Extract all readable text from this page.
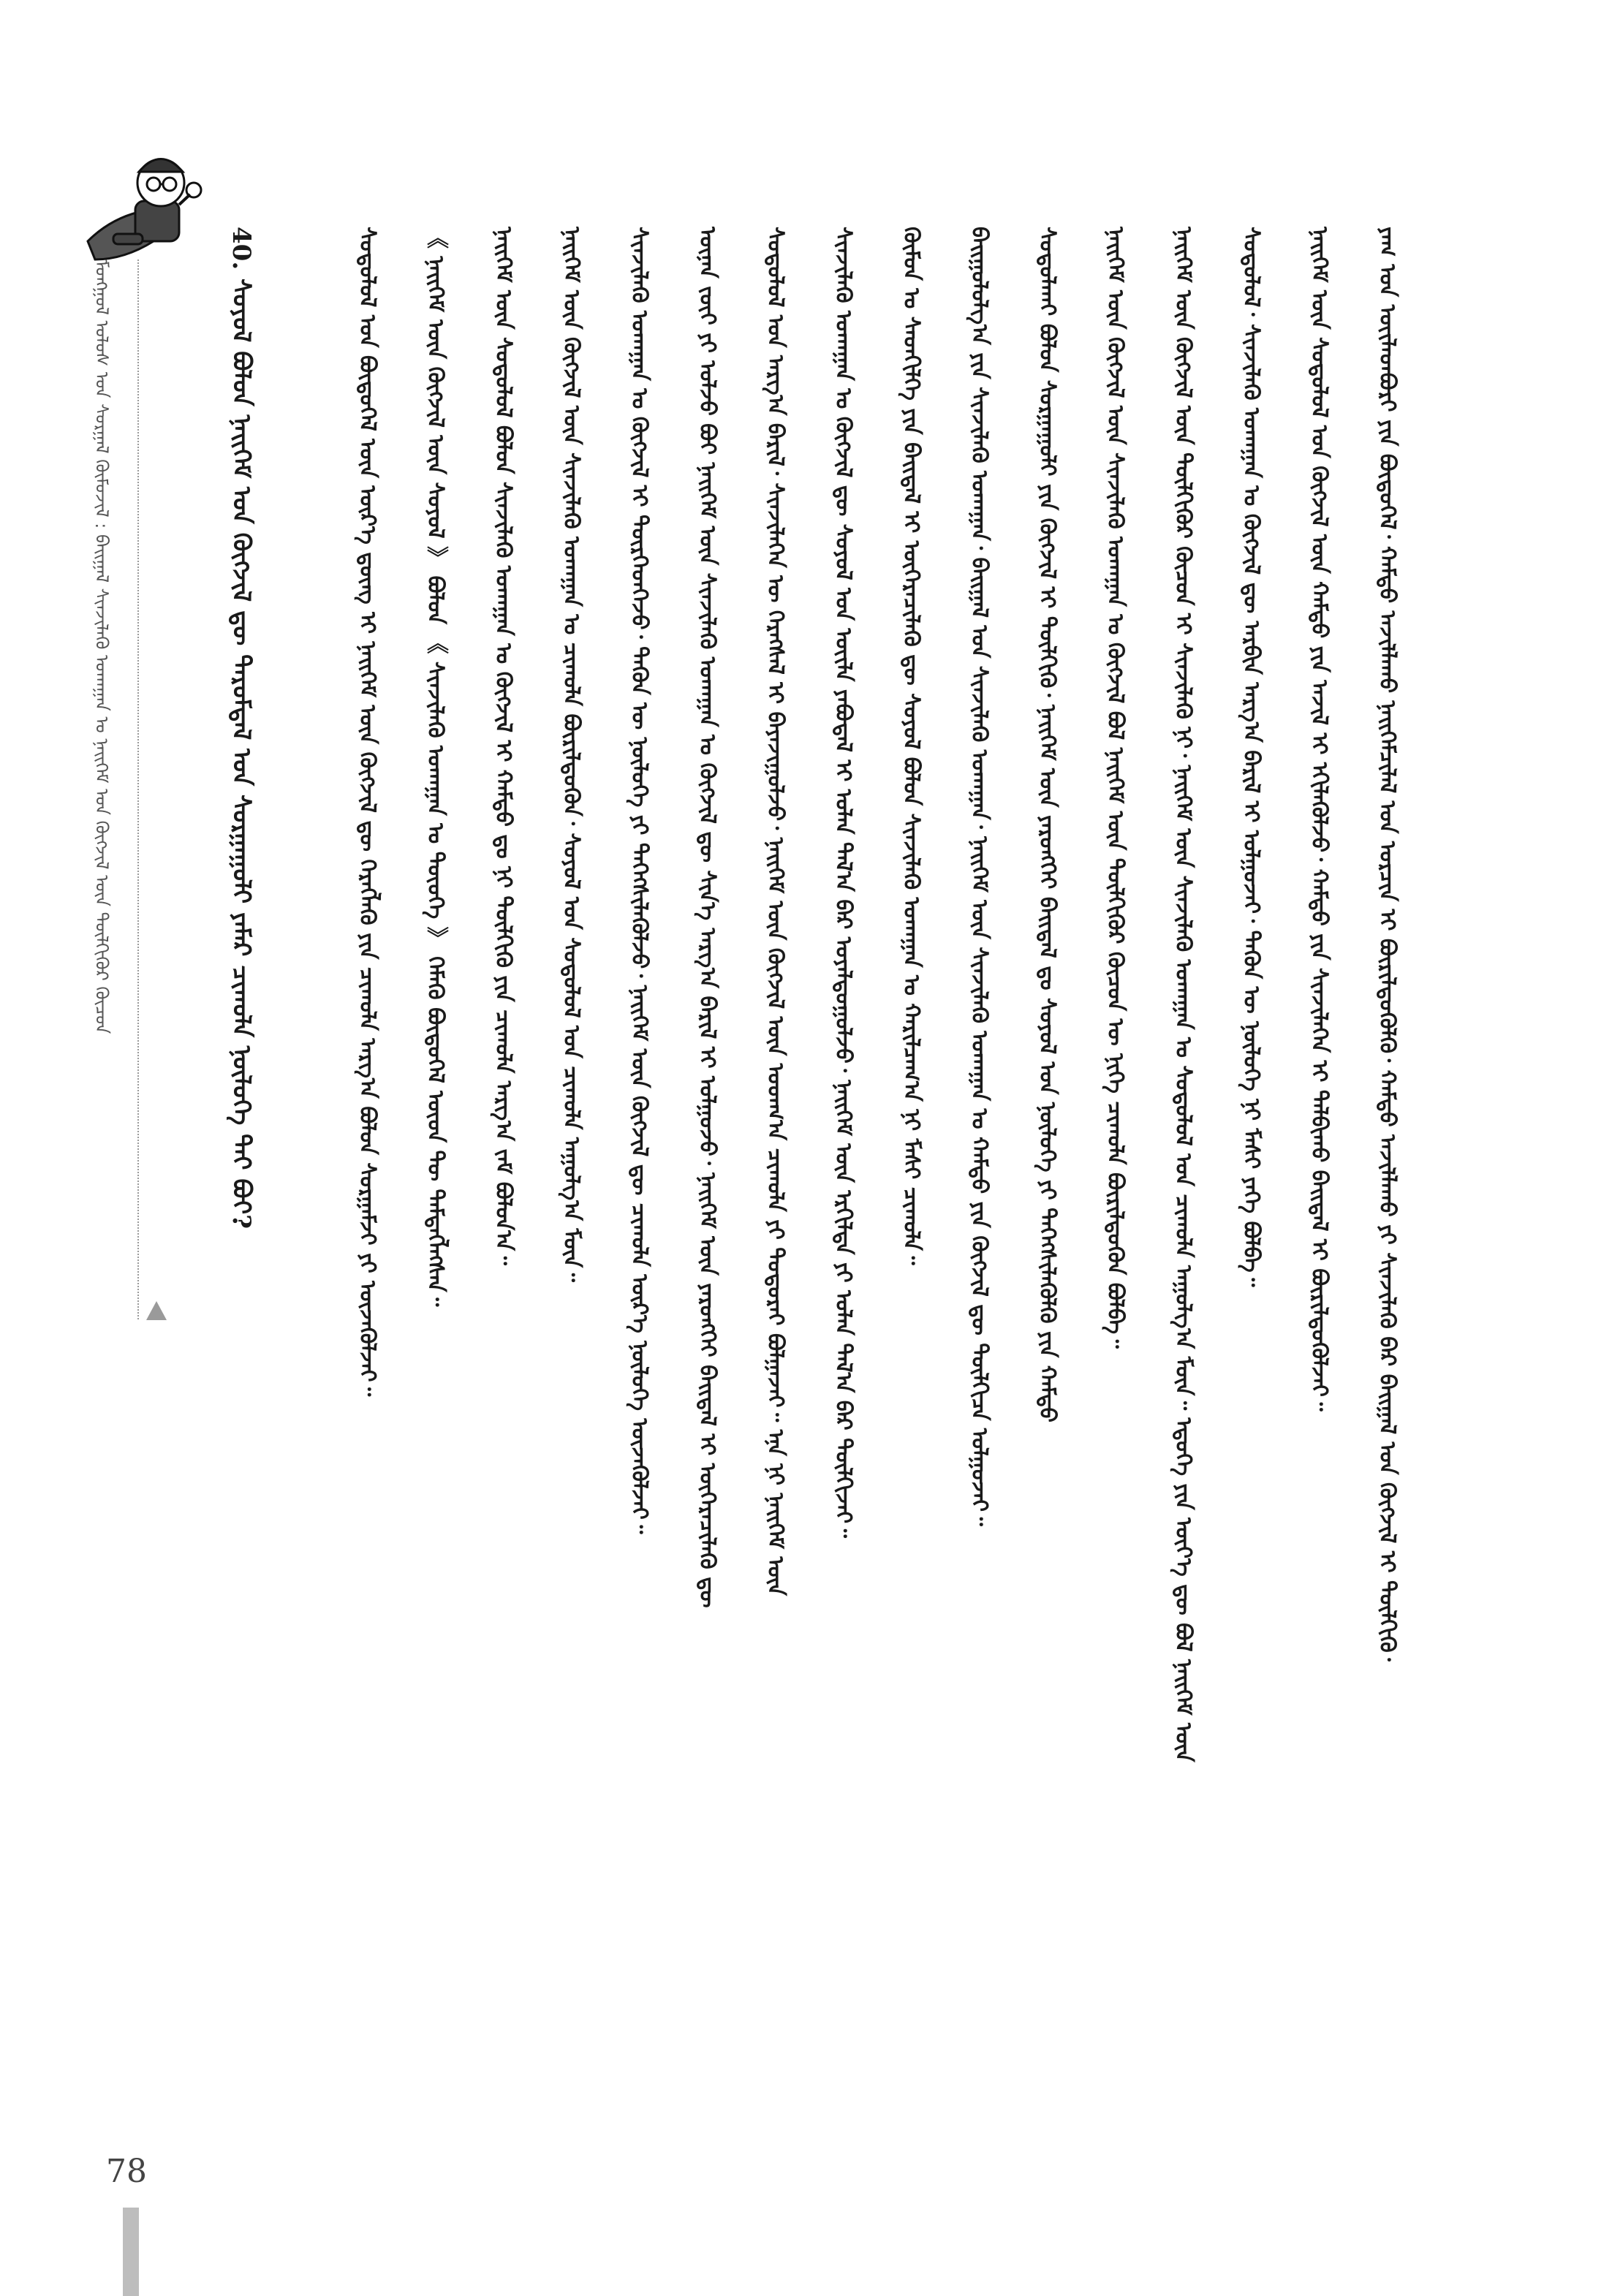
ᠮᠣᠩᠭᠣᠯ ᠤᠯᠤᠰ ᠤᠨ ᠰᠤᠷᠭᠠᠯ ᠬᠦᠮᠦᠵᠢᠯ : ᠪᠠᠢᠭᠠᠯ ᠰᠢᠨᠵᠢᠯᠡᠬᠦ ᠤᠬᠠᠭᠠᠨ ᠤ ᠨᠡᠢᠭᠡᠮ ᠤᠨ ᠬᠥᠭᠵᠢᠯ ᠦᠨ ᠲᠦᠯᠬᠢᠭᠦᠷ ᠬᠦᠴᠦᠨ
40. ᠰᠣᠶᠣᠯ ᠪᠣᠯᠣᠨ ᠨᠡᠢᠭᠡᠮ ᠤᠨ ᠬᠥᠭᠵᠢᠯ ᠳᠦ ᠳᠠᠷᠤᠮᠳᠠᠯ ᠤᠨ ᠰᠤᠷᠭᠠᠭᠤᠯᠢ ᠶᠠᠮᠠᠷ ᠴᠢᠬᠤᠯᠠ ᠨᠥᠯᠥᠭᠡ ᠲᠠᠢ ᠪᠤᠢ?	ᠶᠠᠭ ᠤᠨ ᠦᠢᠯᠡᠳᠪᠦᠷᠢ ᠶᠢᠨ ᠪᠦᠲᠦᠭᠡᠯ᠂ ᠬᠠᠮᠲᠤ ᠠᠵᠢᠯᠯᠠᠬᠤ ᠨᠡᠢᠭᠡᠮᠴᠢᠯᠡᠯ ᠤᠨ ᠣᠷᠴᠢᠨ ᠢ ᠪᠦᠷᠢᠯᠳᠦᠭᠦᠯᠬᠦ᠂ ᠬᠠᠮᠲᠤ ᠠᠵᠢᠯᠯᠠᠬᠤ ᠶᠢ ᠰᠢᠨᠵᠢᠯᠡᠬᠦ ᠪᠡᠷ ᠪᠠᠢᠭᠠᠯ ᠤᠨ ᠬᠥᠭᠵᠢᠯ ᠢ ᠲᠦᠯᠬᠢᠬᠦ᠂
ᠨᠡᠢᠭᠡᠮ ᠦᠨ ᠰᠤᠳᠤᠯᠤᠯ ᠤᠨ ᠬᠥᠭᠵᠢᠯ ᠦᠨ ᠬᠠᠮᠲᠤ ᠶᠢᠨ ᠠᠵᠢᠯ ᠢ ᠡᠬᠢᠯᠡᠭᠦᠯᠵᠦ᠂ ᠬᠠᠮᠲᠤ ᠶᠢᠨ ᠰᠢᠨᠵᠢᠯᠡᠭᠡᠨ ᠢ ᠲᠠᠯᠪᠢᠬᠤ ᠪᠠᠢᠳᠠᠯ ᠢ ᠪᠦᠷᠢᠯᠳᠦᠭᠦᠯᠵᠡᠢ᠃
ᠰᠤᠳᠤᠯᠤᠯ᠂ ᠰᠢᠨᠵᠢᠯᠡᠬᠦ ᠤᠬᠠᠭᠠᠨ ᠤ ᠬᠥᠭᠵᠢᠯ ᠳᠦ ᠠᠷᠪᠢᠨ ᠠᠷᠭ᠎ᠠ ᠪᠠᠷᠢᠯ ᠢ ᠣᠯᠭᠣᠵᠠᠢ᠂ ᠲᠡᠭᠦᠨ ᠦ ᠨᠥᠯᠥᠭᠡ ᠨᠢ ᠮᠠᠰᠢ ᠶᠡᠬᠡ ᠪᠣᠯᠪᠠ᠃
ᠨᠡᠢᠭᠡᠮ ᠦᠨ ᠬᠥᠭᠵᠢᠯ ᠦᠨ ᠲᠦᠯᠬᠢᠭᠦᠷ ᠬᠦᠴᠦᠨ ᠢ ᠰᠢᠨᠵᠢᠯᠡᠬᠦ ᠨᠢ᠂ ᠨᠡᠢᠭᠡᠮ ᠦᠨ ᠰᠢᠨᠵᠢᠯᠡᠬᠦ ᠤᠬᠠᠭᠠᠨ ᠤ ᠰᠤᠳᠤᠯᠤᠯ ᠤᠨ ᠴᠢᠬᠤᠯᠠ ᠠᠭᠤᠯᠭ᠎ᠠ ᠮᠥᠨ᠃ ᠡᠳᠦᠭᠡ ᠶᠢᠨ ᠦᠶ᠎ᠡ ᠳᠦ ᠪᠣᠯ ᠨᠡᠢᠭᠡᠮ ᠦᠨ
ᠨᠡᠢᠭᠡᠮ ᠦᠨ ᠬᠥᠭᠵᠢᠯ ᠦᠨ ᠰᠢᠨᠵᠢᠯᠡᠬᠦ ᠤᠬᠠᠭᠠᠨ ᠤ ᠬᠥᠭᠵᠢᠯ ᠪᠣᠯ ᠨᠡᠢᠭᠡᠮ ᠦᠨ ᠲᠦᠯᠬᠢᠭᠦᠷ ᠬᠦᠴᠦᠨ ᠦ ᠨᠢᠭᠡ ᠴᠢᠬᠤᠯᠠ ᠪᠦᠷᠢᠯᠳᠦᠬᠦᠨ ᠪᠣᠯᠪᠠ᠃
ᠰᠤᠳᠤᠯᠬᠠᠢ ᠪᠣᠯᠤᠨ ᠰᠤᠷᠭᠠᠭᠤᠯᠢ ᠶᠢᠨ ᠬᠥᠭᠵᠢᠯ ᠢ ᠲᠦᠯᠬᠢᠬᠦ᠂ ᠨᠡᠢᠭᠡᠮ ᠦᠨ ᠶᠡᠷᠦᠩᠬᠡᠢ ᠪᠠᠢᠳᠠᠯ ᠳᠤ ᠰᠣᠶᠣᠯ ᠤᠨ ᠨᠥᠯᠥᠭᠡ ᠶᠢ ᠳᠡᠭᠡᠭᠰᠢᠯᠡᠭᠦᠯᠬᠦ ᠶᠢᠨ ᠬᠠᠮᠲᠤ
ᠪᠠᠢᠭᠤᠯᠤᠯᠭ᠎ᠠ ᠶᠢᠨ ᠰᠢᠨᠵᠢᠯᠡᠬᠦ ᠤᠬᠠᠭᠠᠨ᠂ ᠪᠠᠢᠭᠠᠯ ᠤᠨ ᠰᠢᠨᠵᠢᠯᠡᠬᠦ ᠤᠬᠠᠭᠠᠨ᠂ ᠨᠡᠢᠭᠡᠮ ᠦᠨ ᠰᠢᠨᠵᠢᠯᠡᠬᠦ ᠤᠬᠠᠭᠠᠨ ᠤ ᠬᠠᠮᠲᠤ ᠶᠢᠨ ᠬᠥᠭᠵᠢᠯ ᠳᠦ ᠲᠦᠯᠬᠢᠴᠡ ᠣᠯᠭᠣᠵᠠᠢ᠃
ᠬᠦᠮᠦᠨ ᠤ ᠰᠡᠳᠬᠢᠯᠭᠡ ᠶᠢᠨ ᠪᠠᠢᠳᠠᠯ ᠢ ᠥᠭᠡᠷᠡᠴᠢᠯᠡᠬᠦ ᠳᠦ ᠰᠣᠶᠣᠯ ᠪᠣᠯᠣᠨ ᠰᠢᠨᠵᠢᠯᠡᠬᠦ ᠤᠬᠠᠭᠠᠨ ᠤ ᠬᠠᠷᠢᠯᠴᠠᠭ᠎ᠠ ᠨᠢ ᠮᠠᠰᠢ ᠴᠢᠬᠤᠯᠠ᠃
ᠰᠢᠨᠵᠢᠯᠡᠬᠦ ᠤᠬᠠᠭᠠᠨ ᠤ ᠬᠥᠭᠵᠢᠯ ᠳᠦ ᠰᠣᠶᠣᠯ ᠤᠨ ᠦᠢᠯᠡ ᠶᠠᠪᠤᠳᠠᠯ ᠢ ᠣᠯᠠᠨ ᠲᠠᠯ᠎ᠠ ᠪᠠᠷ ᠤᠶᠠᠯᠳᠤᠭᠤᠯᠵᠤ᠂ ᠨᠡᠢᠭᠡᠮ ᠦᠨ ᠡᠷᠭᠢᠯᠲᠡ ᠶᠢ ᠣᠯᠠᠨ ᠲᠠᠯ᠎ᠠ ᠪᠠᠷ ᠲᠦᠯᠬᠢᠵᠡᠢ᠃
ᠰᠤᠳᠤᠯᠤᠯ ᠤᠨ ᠠᠷᠭ᠎ᠠ ᠪᠠᠷᠢᠯ᠂ ᠰᠢᠨᠵᠢᠯᠡᠭᠡᠨ ᠦ ᠬᠡᠷᠡᠭᠰᠡᠯ ᠢ ᠪᠠᠶᠠᠵᠢᠭᠤᠯᠵᠤ᠂ ᠨᠡᠢᠭᠡᠮ ᠦᠨ ᠬᠥᠭᠵᠢᠯ ᠦᠨ ᠤᠳᠬ᠎ᠠ ᠴᠢᠬᠤᠯᠠ ᠶᠢ ᠲᠣᠳᠣᠷᠠᠢ ᠪᠣᠯᠭᠠᠵᠠᠢ᠃ ᠡᠨᠡ ᠨᠢ ᠨᠡᠢᠭᠡᠮ ᠦᠨ
ᠦᠨᠡᠨ ᠵᠦᠢ ᠶᠢ ᠣᠯᠵᠤ ᠪᠤᠢ ᠨᠡᠢᠭᠡᠮ ᠦᠨ ᠰᠢᠨᠵᠢᠯᠡᠬᠦ ᠤᠬᠠᠭᠠᠨ ᠤ ᠬᠥᠭᠵᠢᠯ ᠳᠦ ᠰᠢᠨ᠎ᠡ ᠠᠷᠭ᠎ᠠ ᠪᠠᠷᠢᠯ ᠢ ᠣᠯᠭᠣᠵᠤ᠂ ᠨᠡᠢᠭᠡᠮ ᠦᠨ ᠶᠡᠷᠦᠩᠬᠡᠢ ᠪᠠᠢᠳᠠᠯ ᠢ ᠥᠭᠡᠷᠡᠴᠢᠯᠡᠬᠦ ᠳᠦ
ᠰᠢᠨᠵᠢᠯᠡᠬᠦ ᠤᠬᠠᠭᠠᠨ ᠤ ᠬᠥᠭᠵᠢᠯ ᠢ ᠲᠦᠷᠭᠡᠳᠭᠡᠵᠦ᠂ ᠲᠡᠭᠦᠨ ᠦ ᠨᠥᠯᠥᠭᠡ ᠶᠢ ᠳᠡᠭᠡᠭᠰᠢᠯᠡᠭᠦᠯᠵᠦ᠂ ᠨᠡᠢᠭᠡᠮ ᠦᠨ ᠬᠥᠭᠵᠢᠯ ᠳᠦ ᠴᠢᠬᠤᠯᠠ ᠦᠷ᠎ᠡ ᠨᠥᠯᠥᠭᠡ ᠦᠵᠡᠭᠦᠯᠵᠡᠢ᠃
ᠨᠡᠢᠭᠡᠮ ᠦᠨ ᠬᠥᠭᠵᠢᠯ ᠦᠨ ᠰᠢᠨᠵᠢᠯᠡᠬᠦ ᠤᠬᠠᠭᠠᠨ ᠤ ᠴᠢᠬᠤᠯᠠ ᠪᠦᠷᠢᠯᠳᠦᠬᠦᠨ᠂ ᠰᠣᠶᠣᠯ ᠤᠨ ᠰᠤᠳᠤᠯᠤᠯ ᠤᠨ ᠴᠢᠬᠤᠯᠠ ᠠᠭᠤᠯᠭ᠎ᠠ ᠮᠥᠨ᠃
ᠨᠡᠢᠭᠡᠮ ᠦᠨ ᠰᠤᠳᠤᠯᠤᠯ ᠪᠣᠯᠣᠨ ᠰᠢᠨᠵᠢᠯᠡᠬᠦ ᠤᠬᠠᠭᠠᠨ ᠤ ᠬᠥᠭᠵᠢᠯ ᠢ ᠬᠠᠮᠲᠤ ᠳᠤ ᠨᠢ ᠲᠦᠯᠬᠢᠬᠦ ᠶᠢᠨ ᠴᠢᠬᠤᠯᠠ ᠠᠷᠭ᠎ᠠ ᠵᠠᠮ ᠪᠣᠯᠤᠨ᠎ᠠ᠃
《 ᠨᠡᠢᠭᠡᠮ ᠦᠨ ᠬᠥᠭᠵᠢᠯ ᠦᠨ ᠰᠣᠶᠣᠯ 》 ᠪᠣᠯᠣᠨ 《 ᠰᠢᠨᠵᠢᠯᠡᠬᠦ ᠤᠬᠠᠭᠠᠨ ᠤ ᠲᠦᠦᠬᠡ 》 ᠬᠡᠮᠡᠬᠦ ᠪᠦᠲᠦᠭᠡᠯ ᠦᠳ ᠲᠦ ᠲᠡᠮᠳᠡᠭᠯᠡᠭᠰᠡᠨ᠃
ᠰᠤᠳᠤᠯᠤᠯ ᠤᠨ ᠪᠦᠲᠦᠭᠡᠯ ᠦᠨ ᠦᠷ᠎ᠡ ᠳ᠋ᠦᠩ ᠢ ᠨᠡᠢᠭᠡᠮ ᠦᠨ ᠬᠥᠭᠵᠢᠯ ᠳᠦ ᠬᠡᠷᠡᠭᠯᠡᠬᠦ ᠶᠢᠨ ᠴᠢᠬᠤᠯᠠ ᠠᠷᠭ᠎ᠠ ᠪᠣᠯᠣᠨ ᠰᠤᠷᠭᠠᠮᠵᠢ ᠶᠢ ᠦᠵᠡᠭᠦᠯᠵᠡᠢ᠃
78
